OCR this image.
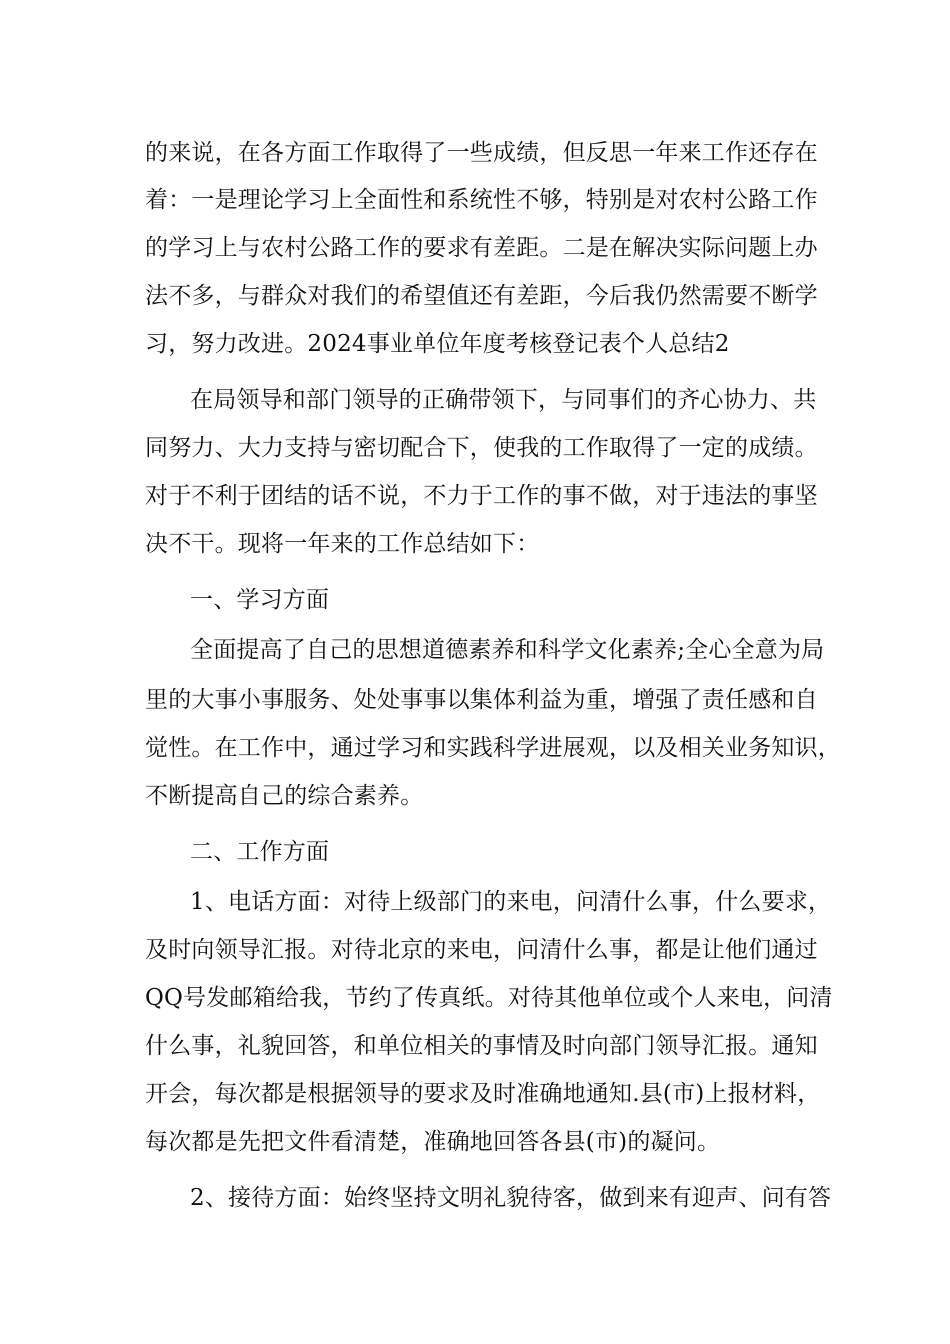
的来说，在各方面工作取得了一些成绩，但反思一年来工作还存在
着：一是理论学习上全面性和系统性不够，特别是对农村公路工作
的学习上与农村公路工作的要求有差距。二是在解决实际问题上办
法不多，与群众对我们的希望值还有差距，今后我仍然需要不断学
习，努力改进。2024事业单位年度考核登记表个人总结2
在局领导和部门领导的正确带领下，与同事们的齐心协力、共
同努力、大力支持与密切配合下，使我的工作取得了一定的成绩。
对于不利于团结的话不说，不力于工作的事不做，对于违法的事坚
决不干。现将一年来的工作总结如下：
一、学习方面
全面提高了自己的思想道德素养和科学文化素养;全心全意为局
里的大事小事服务、处处事事以集体利益为重，增强了责任感和自
觉性。在工作中，通过学习和实践科学进展观，以及相关业务知识，
不断提高自己的综合素养。
二、工作方面
1、电话方面：对待上级部门的来电，问清什么事，什么要求，
及时向领导汇报。对待北京的来电，问清什么事，都是让他们通过
QQ号发邮箱给我，节约了传真纸。对待其他单位或个人来电，问清
什么事，礼貌回答，和单位相关的事情及时向部门领导汇报。通知
开会，每次都是根据领导的要求及时准确地通知.县(市)上报材料，
每次都是先把文件看清楚，准确地回答各县(市)的凝问。
2、接待方面：始终坚持文明礼貌待客，做到来有迎声、问有答
